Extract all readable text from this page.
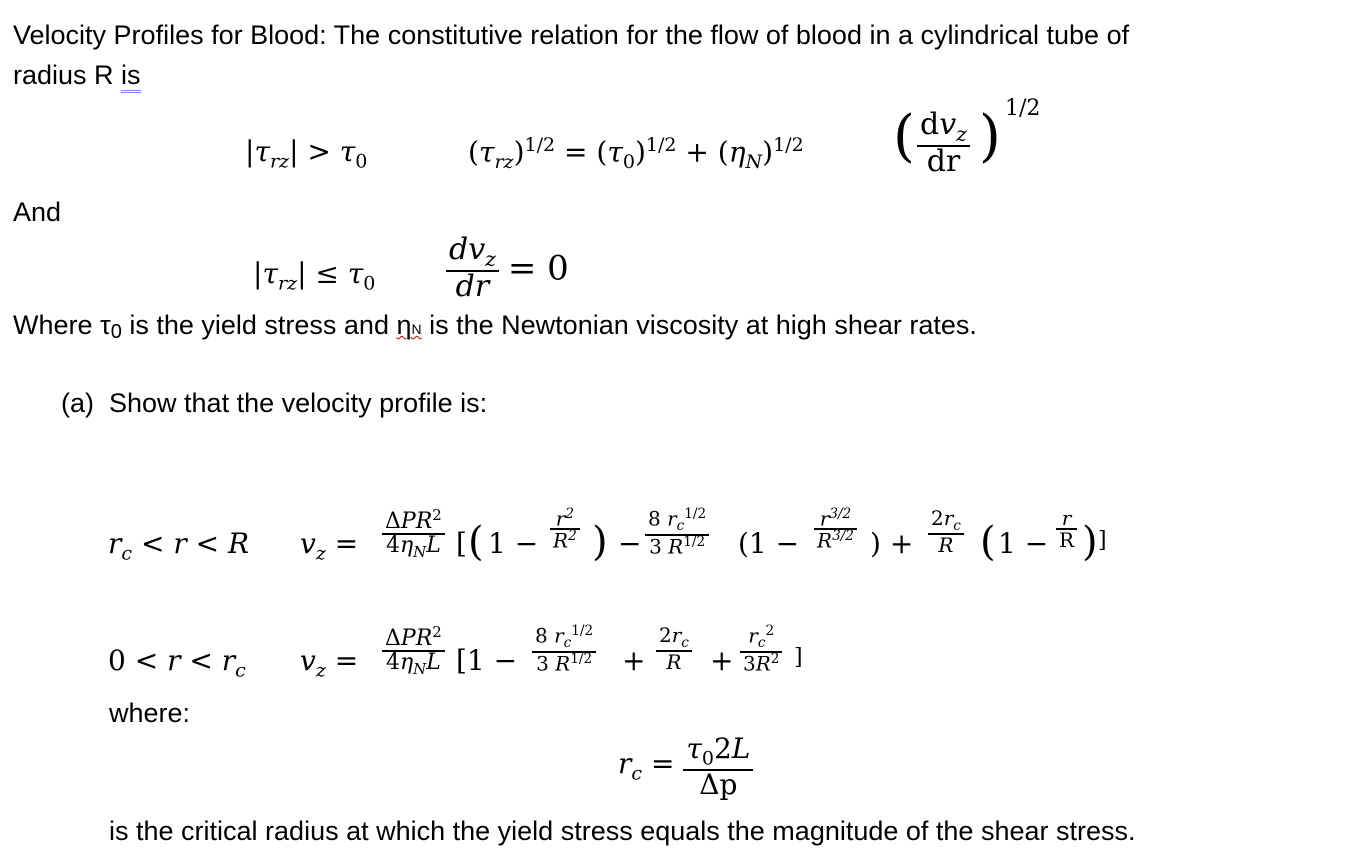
Velocity Profiles for Blood: The constitutive relation for the flow of blood in a cylindrical tube of
radius R is
$|\tau_{rz}| > \tau_0$	$(\tau_{rz})^{1/2} = (\tau_0)^{1/2} + (\eta_N)^{1/2}$ ( $dv_z$
dr ) 1/2
And
$|\tau_{rz}| \le \tau_0 \frac{dv_z}{dr} = 0$
Where τ0 is the yield stress and ηN is the Newtonian viscosity at high shear rates.
(a) Show that the velocity profile is:
$r_c < r < R$ $v_z$ =
$\Delta PR^2$
$4\eta_NL$ [ ( $1 - \frac{r^2}{R^2}$ ) − $\frac{8 r_c^{1/2}}{3 R^{1/2}} (1 - \frac{r^{3/2}}{R^{3/2}}$ ) + $\frac{2r_c}{R}$ ( $1 - \frac{r}{R}$ ) ]
$0 < r < r_c$ $v_z$ =
$\Delta PR^2$
$4\eta_NL$ [$1 - \frac{8 r_c^{1/2}}{3 R^{1/2}} + \frac{2r_c}{R} + \frac{r_c^2}{3R^2}$ ]
where:
$r_c = \frac{\tau_02L}{\Delta p}$
is the critical radius at which the yield stress equals the magnitude of the shear stress.
